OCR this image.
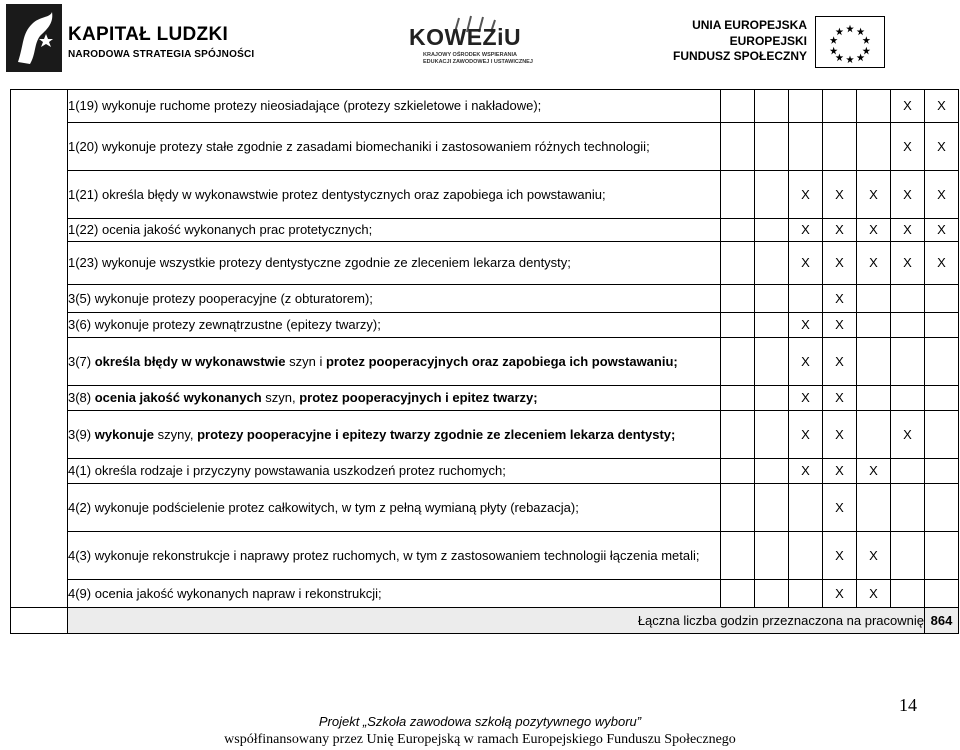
KAPITAŁ LUDZKI
NARODOWA STRATEGIA SPÓJNOŚCI
KOWEZiU
KRAJOWY OŚRODEK WSPIERANIA
EDUKACJI ZAWODOWEJ I USTAWICZNEJ
UNIA EUROPEJSKA
EUROPEJSKI
FUNDUSZ SPOŁECZNY
	1(19) wykonuje ruchome protezy nieosiadające (protezy szkieletowe i nakładowe);						X	X
	1(20) wykonuje protezy stałe zgodnie z zasadami biomechaniki i zastosowaniem różnych technologii;						X	X
	1(21) określa błędy w wykonawstwie protez dentystycznych oraz zapobiega ich powstawaniu;			X	X	X	X	X
	1(22) ocenia jakość wykonanych prac protetycznych;			X	X	X	X	X
	1(23) wykonuje wszystkie protezy dentystyczne zgodnie ze zleceniem lekarza dentysty;			X	X	X	X	X
	3(5) wykonuje protezy pooperacyjne (z obturatorem);				X			
	3(6) wykonuje protezy zewnątrzustne (epitezy twarzy);			X	X			
	3(7) określa błędy w wykonawstwie szyn i protez pooperacyjnych oraz zapobiega ich powstawaniu;			X	X			
	3(8) ocenia jakość wykonanych szyn, protez pooperacyjnych i epitez twarzy;			X	X			
	3(9) wykonuje szyny, protezy pooperacyjne i epitezy twarzy zgodnie ze zleceniem lekarza dentysty;			X	X		X	
	4(1) określa rodzaje i przyczyny powstawania uszkodzeń protez ruchomych;			X	X	X		
	4(2) wykonuje podścielenie protez całkowitych, w tym z pełną wymianą płyty (rebazacja);				X			
	4(3) wykonuje rekonstrukcje i naprawy protez ruchomych, w tym z zastosowaniem technologii łączenia metali;				X	X		
	4(9) ocenia jakość wykonanych napraw i rekonstrukcji;				X	X		
	Łączna liczba godzin przeznaczona na pracownię							864
14
Projekt „Szkoła zawodowa szkołą pozytywnego wyboru”
współfinansowany przez Unię Europejską w ramach Europejskiego Funduszu Społecznego
